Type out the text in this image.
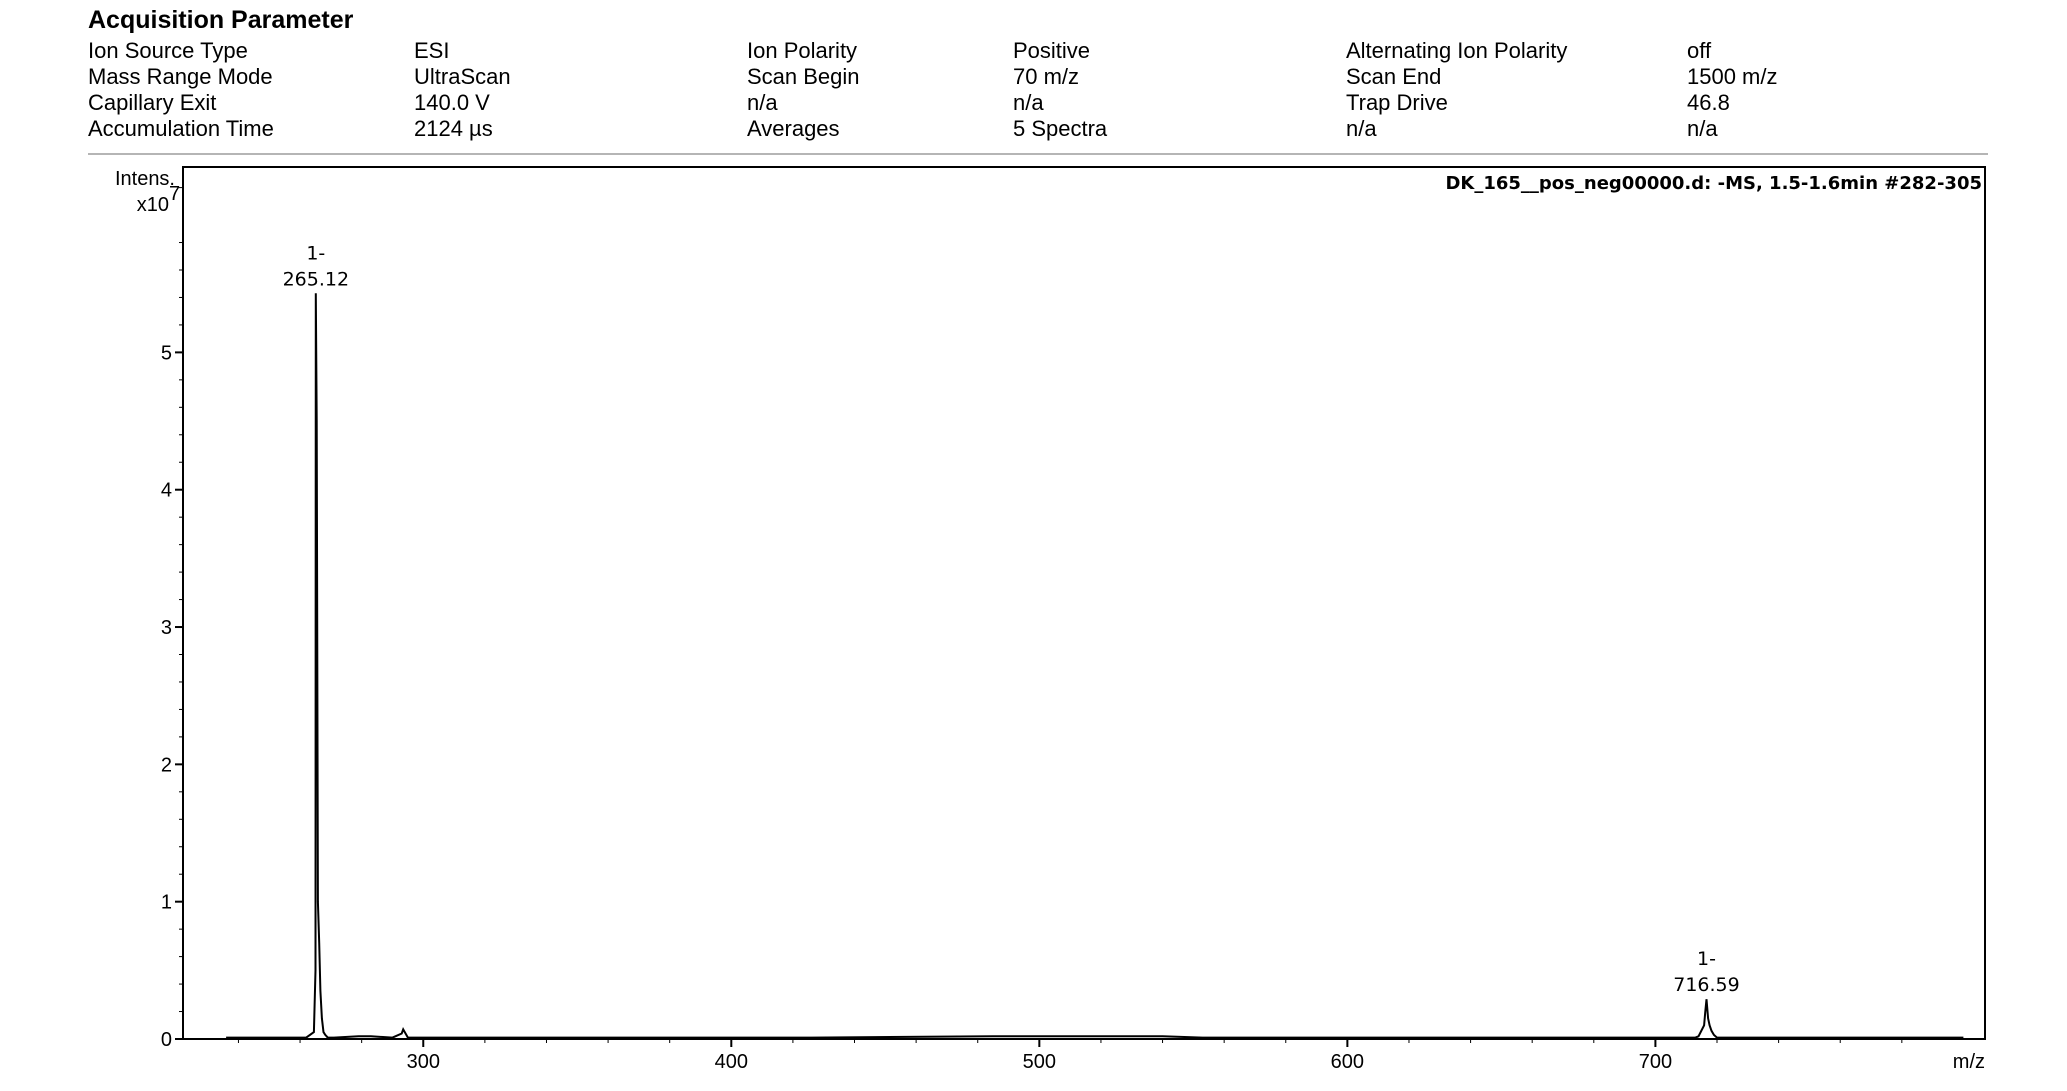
Acquisition Parameter
Ion Source Type	ESI	Ion Polarity	Positive	Alternating Ion Polarity	off
Mass Range Mode	UltraScan	Scan Begin	70 m/z	Scan End	1500 m/z
Capillary Exit	140.0 V	n/a	n/a	Trap Drive	46.8
Accumulation Time	2124 µs	Averages	5 Spectra	n/a	n/a
0
1
2
3
4
5
300	400	500	600	700
Intens.
x10 7
m/z
DK_165__pos_neg00000.d: -MS, 1.5-1.6min #282-305
1-
265.12
1-
716.59
